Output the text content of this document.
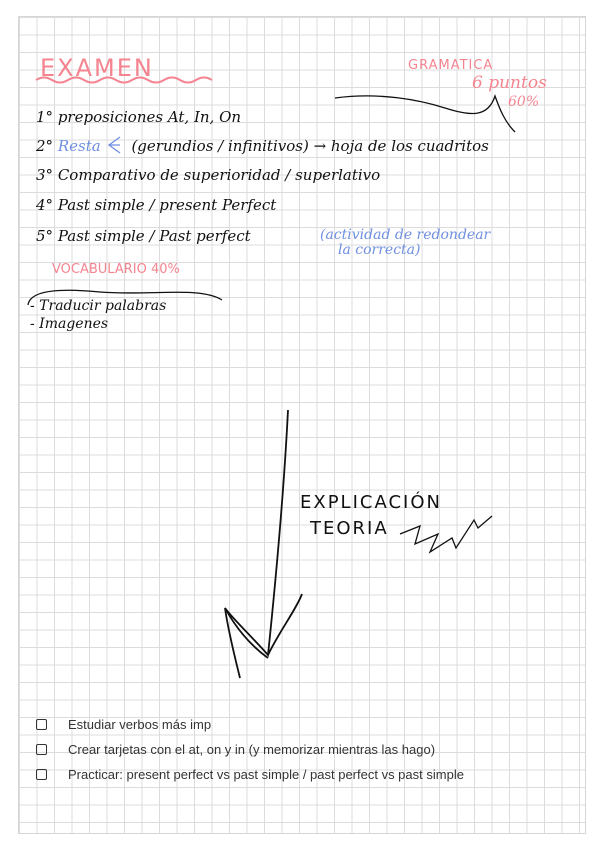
EXAMEN	GRAMATICA
6 puntos
60%
1° preposiciones At, In, On
2° Resta (gerundios / infinitivos) → hoja de los cuadritos
3° Comparativo de superioridad / superlativo
4° Past simple / present Perfect
5° Past simple / Past perfect	(actividad de redondear
la correcta)
VOCABULARIO 40%
- Traducir palabras
- Imagenes
EXPLICACIÓN
TEORIA
Estudiar verbos más imp
Crear tarjetas con el at, on y in (y memorizar mientras las hago)
Practicar: present perfect vs past simple / past perfect vs past simple
